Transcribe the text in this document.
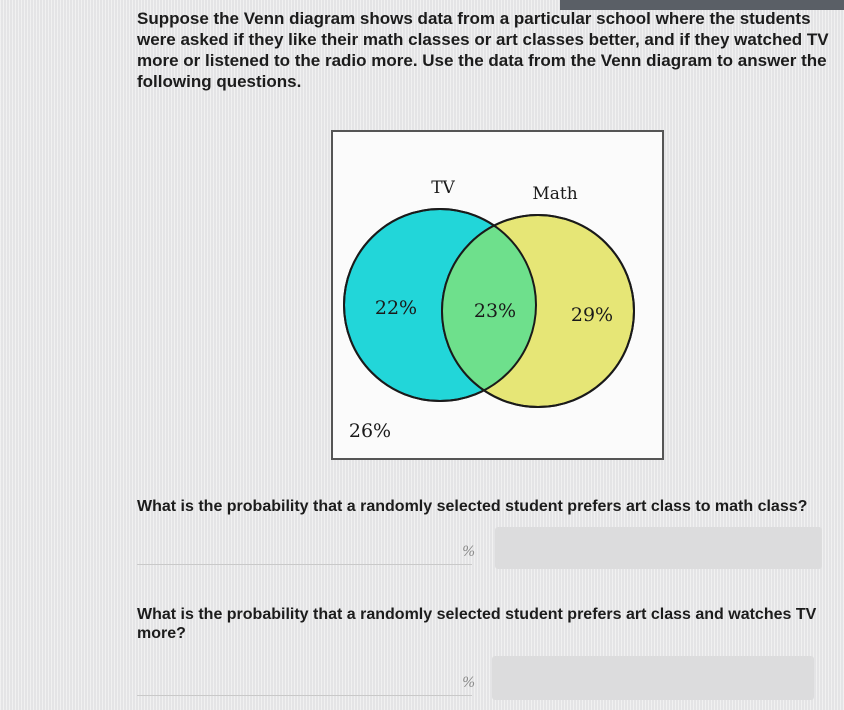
Suppose the Venn diagram shows data from a particular school where the students were asked if they like their math classes or art classes better, and if they watched TV more or listened to the radio more. Use the data from the Venn diagram to answer the following questions.
TV	Math
22%	23%	29%
26%
What is the probability that a randomly selected student prefers art class to math class?
%
What is the probability that a randomly selected student prefers art class and watches TV more?
%
